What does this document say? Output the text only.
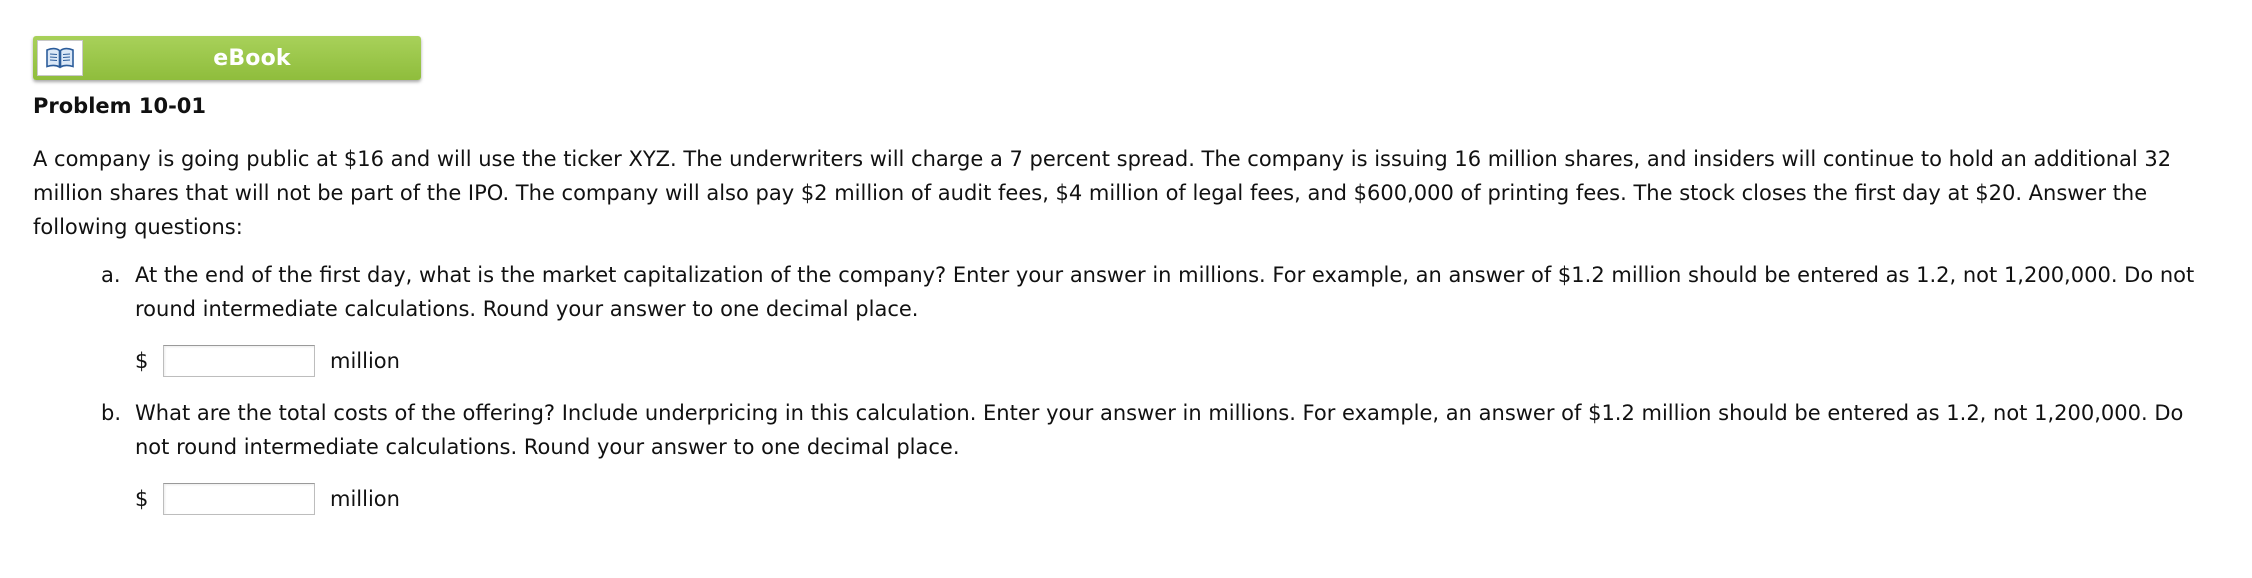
eBook
Problem 10-01
A company is going public at $16 and will use the ticker XYZ. The underwriters will charge a 7 percent spread. The company is issuing 16 million shares, and insiders will continue to hold an additional 32 million shares that will not be part of the IPO. The company will also pay $2 million of audit fees, $4 million of legal fees, and $600,000 of printing fees. The stock closes the first day at $20. Answer the following questions:
a. At the end of the first day, what is the market capitalization of the company? Enter your answer in millions. For example, an answer of $1.2 million should be entered as 1.2, not 1,200,000. Do not round intermediate calculations. Round your answer to one decimal place.
$	million
b. What are the total costs of the offering? Include underpricing in this calculation. Enter your answer in millions. For example, an answer of $1.2 million should be entered as 1.2, not 1,200,000. Do not round intermediate calculations. Round your answer to one decimal place.
$	million
